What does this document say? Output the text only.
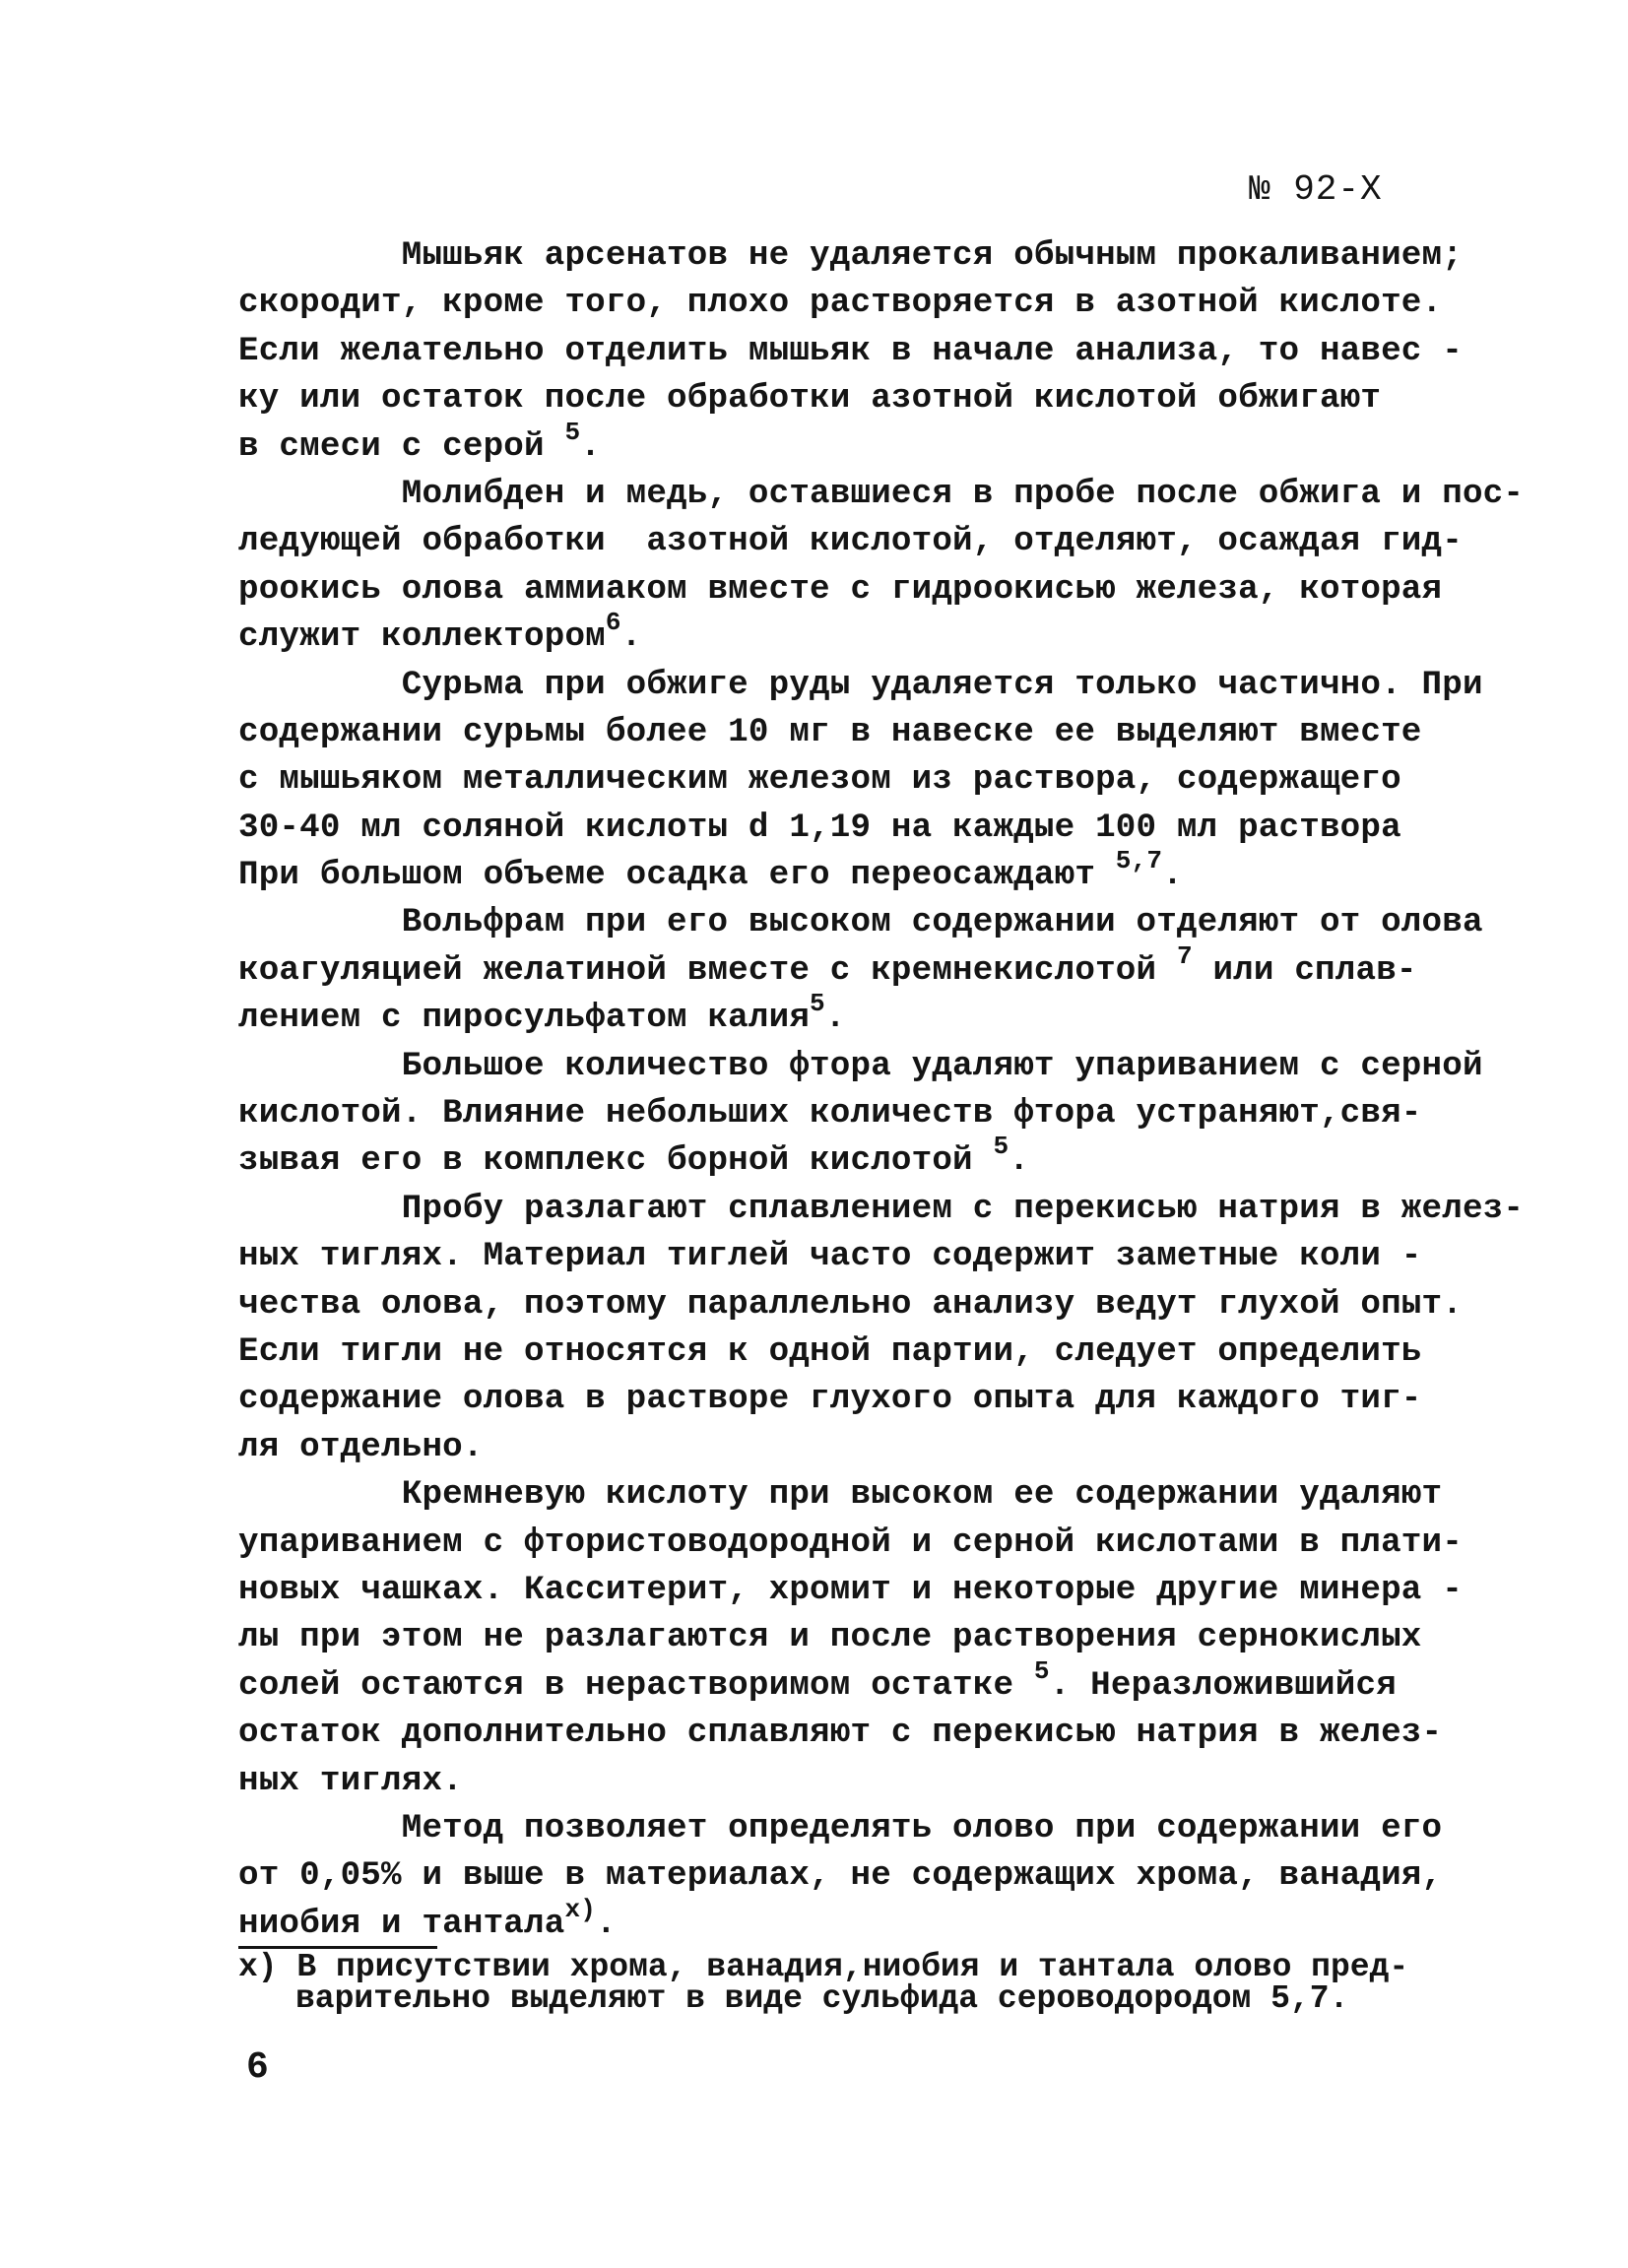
№ 92-Х
Мышьяк арсенатов не удаляется обычным прокаливанием;
скородит, кроме того, плохо растворяется в азотной кислоте.
Если желательно отделить мышьяк в начале анализа, то навес -
ку или остаток после обработки азотной кислотой обжигают
в смеси с серой $^5$.
Молибден и медь, оставшиеся в пробе после обжига и пос-
ледующей обработки  азотной кислотой, отделяют, осаждая гид-
роокись олова аммиаком вместе с гидроокисью железа, которая
служит коллектором$^6$.
Сурьма при обжиге руды удаляется только частично. При
содержании сурьмы более 10 мг в навеске ее выделяют вместе
с мышьяком металлическим железом из раствора, содержащего
30-40 мл соляной кислоты d 1,19 на каждые 100 мл раствора
При большом объеме осадка его переосаждают $^{5,7}$.
Вольфрам при его высоком содержании отделяют от олова
коагуляцией желатиной вместе с кремнекислотой $^7$ или сплав-
лением с пиросульфатом калия$^5$.
Большое количество фтора удаляют упариванием с серной
кислотой. Влияние небольших количеств фтора устраняют,свя-
зывая его в комплекс борной кислотой $^5$.
Пробу разлагают сплавлением с перекисью натрия в желез-
ных тиглях. Материал тиглей часто содержит заметные коли -
чества олова, поэтому параллельно анализу ведут глухой опыт.
Если тигли не относятся к одной партии, следует определить
содержание олова в растворе глухого опыта для каждого тиг-
ля отдельно.
Кремневую кислоту при высоком ее содержании удаляют
упариванием с фтористоводородной и серной кислотами в плати-
новых чашках. Касситерит, хромит и некоторые другие минера -
лы при этом не разлагаются и после растворения сернокислых
солей остаются в нерастворимом остатке $^5$. Неразложившийся
остаток дополнительно сплавляют с перекисью натрия в желез-
ных тиглях.
Метод позволяет определять олово при содержании его
от 0,05% и выше в материалах, не содержащих хрома, ванадия,
ниобия и тантала$^{х)}$.
х) В присутствии хрома, ванадия,ниобия и тантала олово пред-
варительно выделяют в виде сульфида сероводородом 5,7.
6
